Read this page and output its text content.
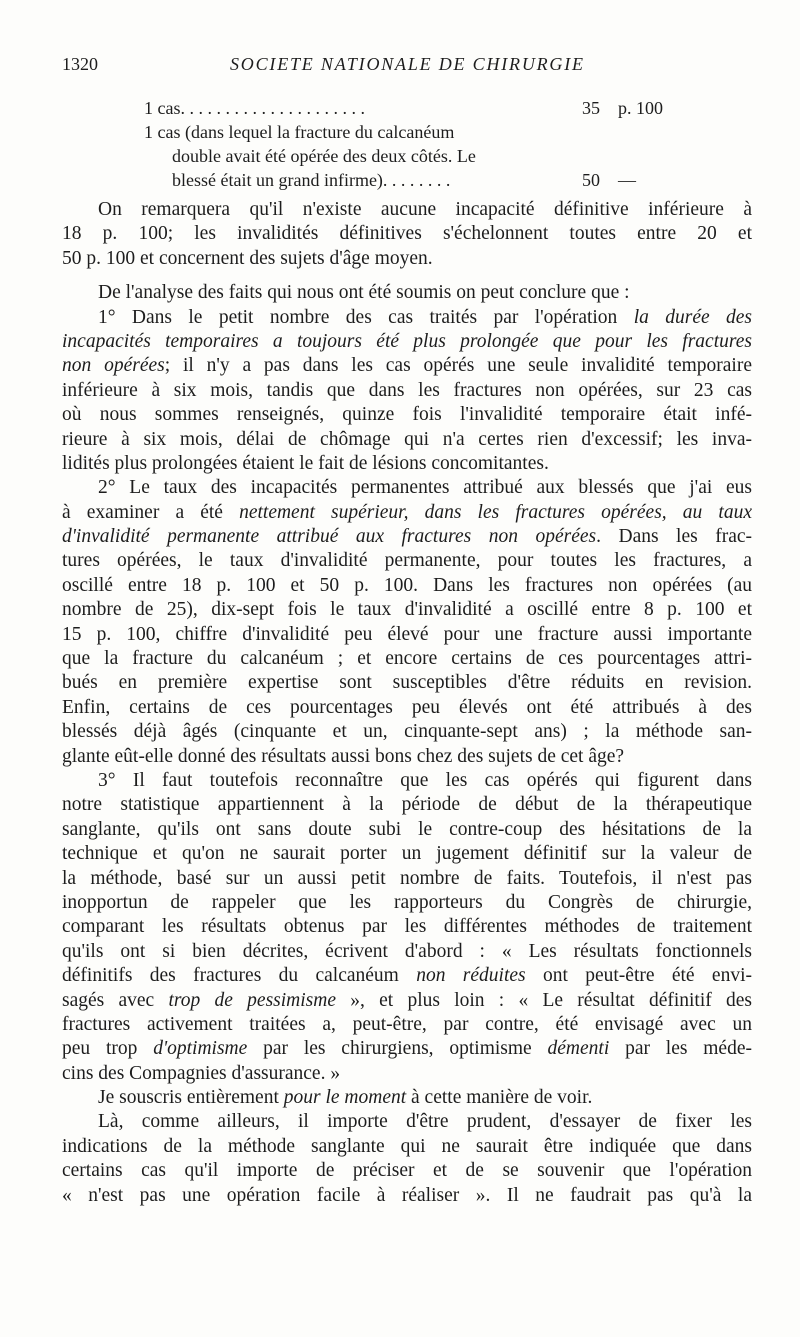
1320	SOCIETE NATIONALE DE CHIRURGIE
1 cas. . . . . . . . . . . . . . . . . . . . .	35 p. 100
1 cas (dans lequel la fracture du calcanéum
double avait été opérée des deux côtés. Le
blessé était un grand infirme). . . . . . . .	50 —
On remarquera qu'il n'existe aucune incapacité définitive inférieure à
18 p. 100; les invalidités définitives s'échelonnent toutes entre 20 et
50 p. 100 et concernent des sujets d'âge moyen.
De l'analyse des faits qui nous ont été soumis on peut conclure que :
1° Dans le petit nombre des cas traités par l'opération la durée des
incapacités temporaires a toujours été plus prolongée que pour les fractures
non opérées; il n'y a pas dans les cas opérés une seule invalidité temporaire
inférieure à six mois, tandis que dans les fractures non opérées, sur 23 cas
où nous sommes renseignés, quinze fois l'invalidité temporaire était infé-
rieure à six mois, délai de chômage qui n'a certes rien d'excessif; les inva-
lidités plus prolongées étaient le fait de lésions concomitantes.
2° Le taux des incapacités permanentes attribué aux blessés que j'ai eus
à examiner a été nettement supérieur, dans les fractures opérées, au taux
d'invalidité permanente attribué aux fractures non opérées. Dans les frac-
tures opérées, le taux d'invalidité permanente, pour toutes les fractures, a
oscillé entre 18 p. 100 et 50 p. 100. Dans les fractures non opérées (au
nombre de 25), dix-sept fois le taux d'invalidité a oscillé entre 8 p. 100 et
15 p. 100, chiffre d'invalidité peu élevé pour une fracture aussi importante
que la fracture du calcanéum ; et encore certains de ces pourcentages attri-
bués en première expertise sont susceptibles d'être réduits en revision.
Enfin, certains de ces pourcentages peu élevés ont été attribués à des
blessés déjà âgés (cinquante et un, cinquante-sept ans) ; la méthode san-
glante eût-elle donné des résultats aussi bons chez des sujets de cet âge?
3° Il faut toutefois reconnaître que les cas opérés qui figurent dans
notre statistique appartiennent à la période de début de la thérapeutique
sanglante, qu'ils ont sans doute subi le contre-coup des hésitations de la
technique et qu'on ne saurait porter un jugement définitif sur la valeur de
la méthode, basé sur un aussi petit nombre de faits. Toutefois, il n'est pas
inopportun de rappeler que les rapporteurs du Congrès de chirurgie,
comparant les résultats obtenus par les différentes méthodes de traitement
qu'ils ont si bien décrites, écrivent d'abord : « Les résultats fonctionnels
définitifs des fractures du calcanéum non réduites ont peut-être été envi-
sagés avec trop de pessimisme », et plus loin : « Le résultat définitif des
fractures activement traitées a, peut-être, par contre, été envisagé avec un
peu trop d'optimisme par les chirurgiens, optimisme démenti par les méde-
cins des Compagnies d'assurance. »
Je souscris entièrement pour le moment à cette manière de voir.
Là, comme ailleurs, il importe d'être prudent, d'essayer de fixer les
indications de la méthode sanglante qui ne saurait être indiquée que dans
certains cas qu'il importe de préciser et de se souvenir que l'opération
« n'est pas une opération facile à réaliser ». Il ne faudrait pas qu'à la
